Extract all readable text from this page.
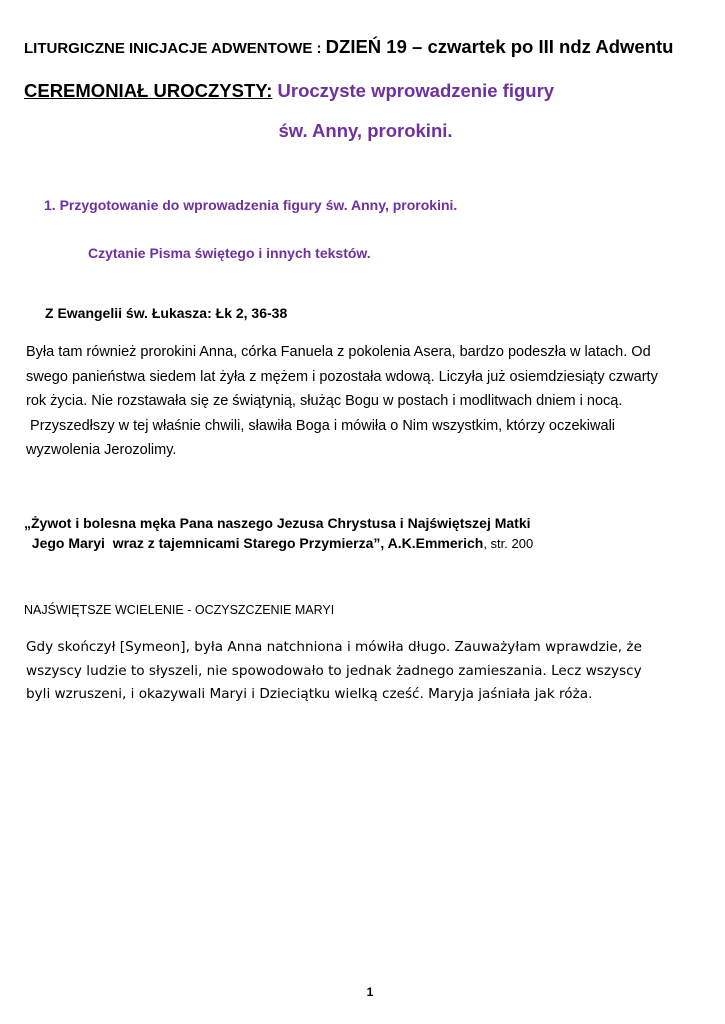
LITURGICZNE INICJACJE ADWENTOWE : DZIEŃ 19 – czwartek po III ndz Adwentu
CEREMONIAŁ UROCZYSTY: Uroczyste wprowadzenie figury
św. Anny, prorokini.
1. Przygotowanie do wprowadzenia figury św. Anny, prorokini.
Czytanie Pisma świętego i innych tekstów.
Z Ewangelii św. Łukasza: Łk 2, 36-38
Była tam również prorokini Anna, córka Fanuela z pokolenia Asera, bardzo podeszła w latach. Od
swego panieństwa siedem lat żyła z mężem i pozostała wdową. Liczyła już osiemdziesiąty czwarty
rok życia. Nie rozstawała się ze świątynią, służąc Bogu w postach i modlitwach dniem i nocą.
Przyszedłszy w tej właśnie chwili, sławiła Boga i mówiła o Nim wszystkim, którzy oczekiwali
wyzwolenia Jerozolimy.
„Żywot i bolesna męka Pana naszego Jezusa Chrystusa i Najświętszej Matki
Jego Maryi  wraz z tajemnicami Starego Przymierza”, A.K.Emmerich, str. 200
NAJŚWIĘTSZE WCIELENIE - OCZYSZCZENIE MARYI
Gdy skończył [Symeon], była Anna natchniona i mówiła długo. Zauważyłam wprawdzie, że
wszyscy ludzie to słyszeli, nie spowodowało to jednak żadnego zamieszania. Lecz wszyscy
byli wzruszeni, i okazywali Maryi i Dzieciątku wielką cześć. Maryja jaśniała jak róża.
1
